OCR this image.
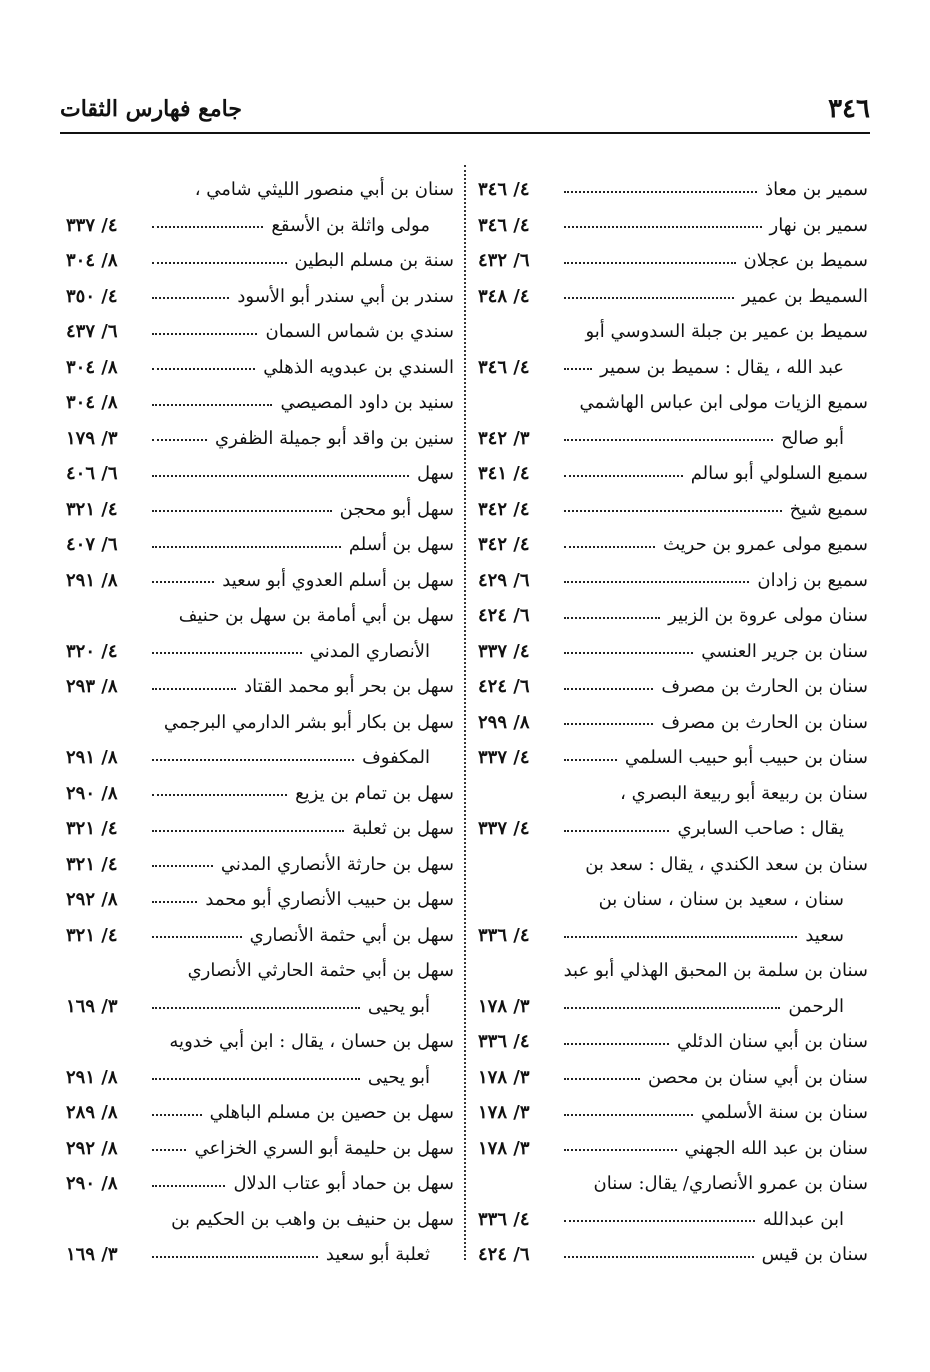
٣٤٦
جامع فهارس الثقات
سمير بن معاذ
٤/ ٣٤٦
سمير بن نهار
٤/ ٣٤٦
سميط بن عجلان
٦/ ٤٣٢
السميط بن عمير
٤/ ٣٤٨
سميط بن عمير بن جبلة السدوسي أبو
عبد الله ، يقال : سميط بن سمير
٤/ ٣٤٦
سميع الزيات مولى ابن عباس الهاشمي
أبو صالح
٣/ ٣٤٢
سميع السلولي أبو سالم
٤/ ٣٤١
سميع شيخ
٤/ ٣٤٢
سميع مولى عمرو بن حريث
٤/ ٣٤٢
سميع بن زادان
٦/ ٤٢٩
سنان مولى عروة بن الزبير
٦/ ٤٢٤
سنان بن جرير العنسي
٤/ ٣٣٧
سنان بن الحارث بن مصرف
٦/ ٤٢٤
سنان بن الحارث بن مصرف
٨/ ٢٩٩
سنان بن حبيب أبو حبيب السلمي
٤/ ٣٣٧
سنان بن ربيعة أبو ربيعة البصري ،
يقال : صاحب السابري
٤/ ٣٣٧
سنان بن سعد الكندي ، يقال : سعد بن
سنان ، سعيد بن سنان ، سنان بن
سعيد
٤/ ٣٣٦
سنان بن سلمة بن المحبق الهذلي أبو عبد
الرحمن
٣/ ١٧٨
سنان بن أبي سنان الدئلي
٤/ ٣٣٦
سنان بن أبي سنان بن محصن
٣/ ١٧٨
سنان بن سنة الأسلمي
٣/ ١٧٨
سنان بن عبد الله الجهني
٣/ ١٧٨
سنان بن عمرو الأنصاري/ يقال: سنان
ابن عبدالله
٤/ ٣٣٦
سنان بن قيس
٦/ ٤٢٤
سنان بن أبي منصور الليثي شامي ،
مولى واثلة بن الأسقع
٤/ ٣٣٧
سنة بن مسلم البطين
٨/ ٣٠٤
سندر بن أبي سندر أبو الأسود
٤/ ٣٥٠
سندي بن شماس السمان
٦/ ٤٣٧
السندي بن عبدويه الذهلي
٨/ ٣٠٤
سنيد بن داود المصيصي
٨/ ٣٠٤
سنين بن واقد أبو جميلة الظفري
٣/ ١٧٩
سهل
٦/ ٤٠٦
سهل أبو محجن
٤/ ٣٢١
سهل بن أسلم
٦/ ٤٠٧
سهل بن أسلم العدوي أبو سعيد
٨/ ٢٩١
سهل بن أبي أمامة بن سهل بن حنيف
الأنصاري المدني
٤/ ٣٢٠
سهل بن بحر أبو محمد القتاد
٨/ ٢٩٣
سهل بن بكار أبو بشر الدارمي البرجمي
المكفوف
٨/ ٢٩١
سهل بن تمام بن يزيع
٨/ ٢٩٠
سهل بن ثعلبة
٤/ ٣٢١
سهل بن حارثة الأنصاري المدني
٤/ ٣٢١
سهل بن حبيب الأنصاري أبو محمد
٨/ ٢٩٢
سهل بن أبي حثمة الأنصاري
٤/ ٣٢١
سهل بن أبي حثمة الحارثي الأنصاري
أبو يحيى
٣/ ١٦٩
سهل بن حسان ، يقال : ابن أبي خدويه
أبو يحيى
٨/ ٢٩١
سهل بن حصين بن مسلم الباهلي
٨/ ٢٨٩
سهل بن حليمة أبو السري الخزاعي
٨/ ٢٩٢
سهل بن حماد أبو عتاب الدلال
٨/ ٢٩٠
سهل بن حنيف بن واهب بن الحكيم بن
ثعلبة أبو سعيد
٣/ ١٦٩
